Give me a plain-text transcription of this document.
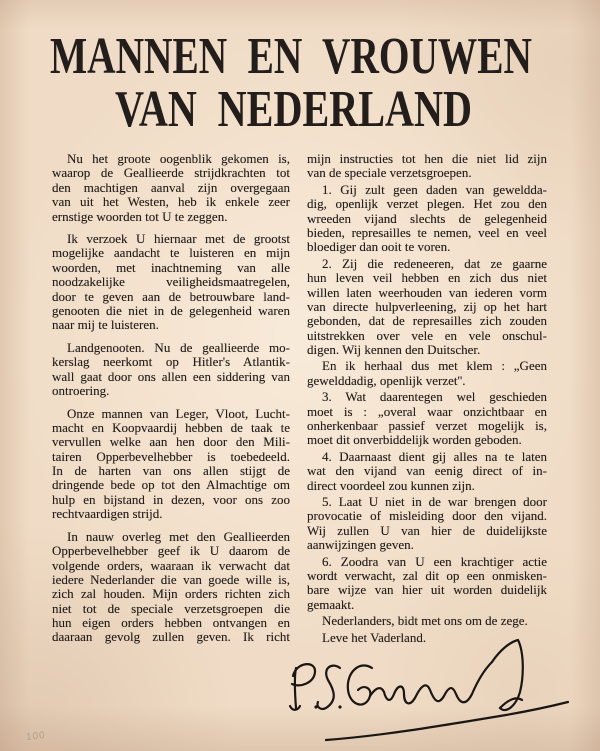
MANNEN EN VROUWEN
VAN NEDERLAND
Nu het groote oogenblik gekomen is,
waarop de Geallieerde strijdkrachten tot
den machtigen aanval zijn overgegaan
van uit het Westen, heb ik enkele zeer
ernstige woorden tot U te zeggen.
Ik verzoek U hiernaar met de grootst
mogelijke aandacht te luisteren en mijn
woorden, met inachtneming van alle
noodzakelijke veiligheidsmaatregelen,
door te geven aan de betrouwbare land-
genooten die niet in de gelegenheid waren
naar mij te luisteren.
Landgenooten. Nu de geallieerde mo-
kerslag neerkomt op Hitler's Atlantik-
wall gaat door ons allen een siddering van
ontroering.
Onze mannen van Leger, Vloot, Lucht-
macht en Koopvaardij hebben de taak te
vervullen welke aan hen door den Mili-
tairen Opperbevelhebber is toebedeeld.
In de harten van ons allen stijgt de
dringende bede op tot den Almachtige om
hulp en bijstand in dezen, voor ons zoo
rechtvaardigen strijd.
In nauw overleg met den Geallieerden
Opperbevelhebber geef ik U daarom de
volgende orders, waaraan ik verwacht dat
iedere Nederlander die van goede wille is,
zich zal houden. Mijn orders richten zich
niet tot de speciale verzetsgroepen die
hun eigen orders hebben ontvangen en
daaraan gevolg zullen geven. Ik richt
mijn instructies tot hen die niet lid zijn
van de speciale verzetsgroepen.
1. Gij zult geen daden van geweldda-
dig, openlijk verzet plegen. Het zou den
wreeden vijand slechts de gelegenheid
bieden, represailles te nemen, veel en veel
bloediger dan ooit te voren.
2. Zij die redeneeren, dat ze gaarne
hun leven veil hebben en zich dus niet
willen laten weerhouden van iederen vorm
van directe hulpverleening, zij op het hart
gebonden, dat de represailles zich zouden
uitstrekken over vele en vele onschul-
digen. Wij kennen den Duitscher.
En ik herhaal dus met klem : „Geen
gewelddadig, openlijk verzet''.
3. Wat daarentegen wel geschieden
moet is : „overal waar onzichtbaar en
onherkenbaar passief verzet mogelijk is,
moet dit onverbiddelijk worden geboden.
4. Daarnaast dient gij alles na te laten
wat den vijand van eenig direct of in-
direct voordeel zou kunnen zijn.
5. Laat U niet in de war brengen door
provocatie of misleiding door den vijand.
Wij zullen U van hier de duidelijkste
aanwijzingen geven.
6. Zoodra van U een krachtiger actie
wordt verwacht, zal dit op een onmisken-
bare wijze van hier uit worden duidelijk
gemaakt.
Nederlanders, bidt met ons om de zege.
Leve het Vaderland.
100
